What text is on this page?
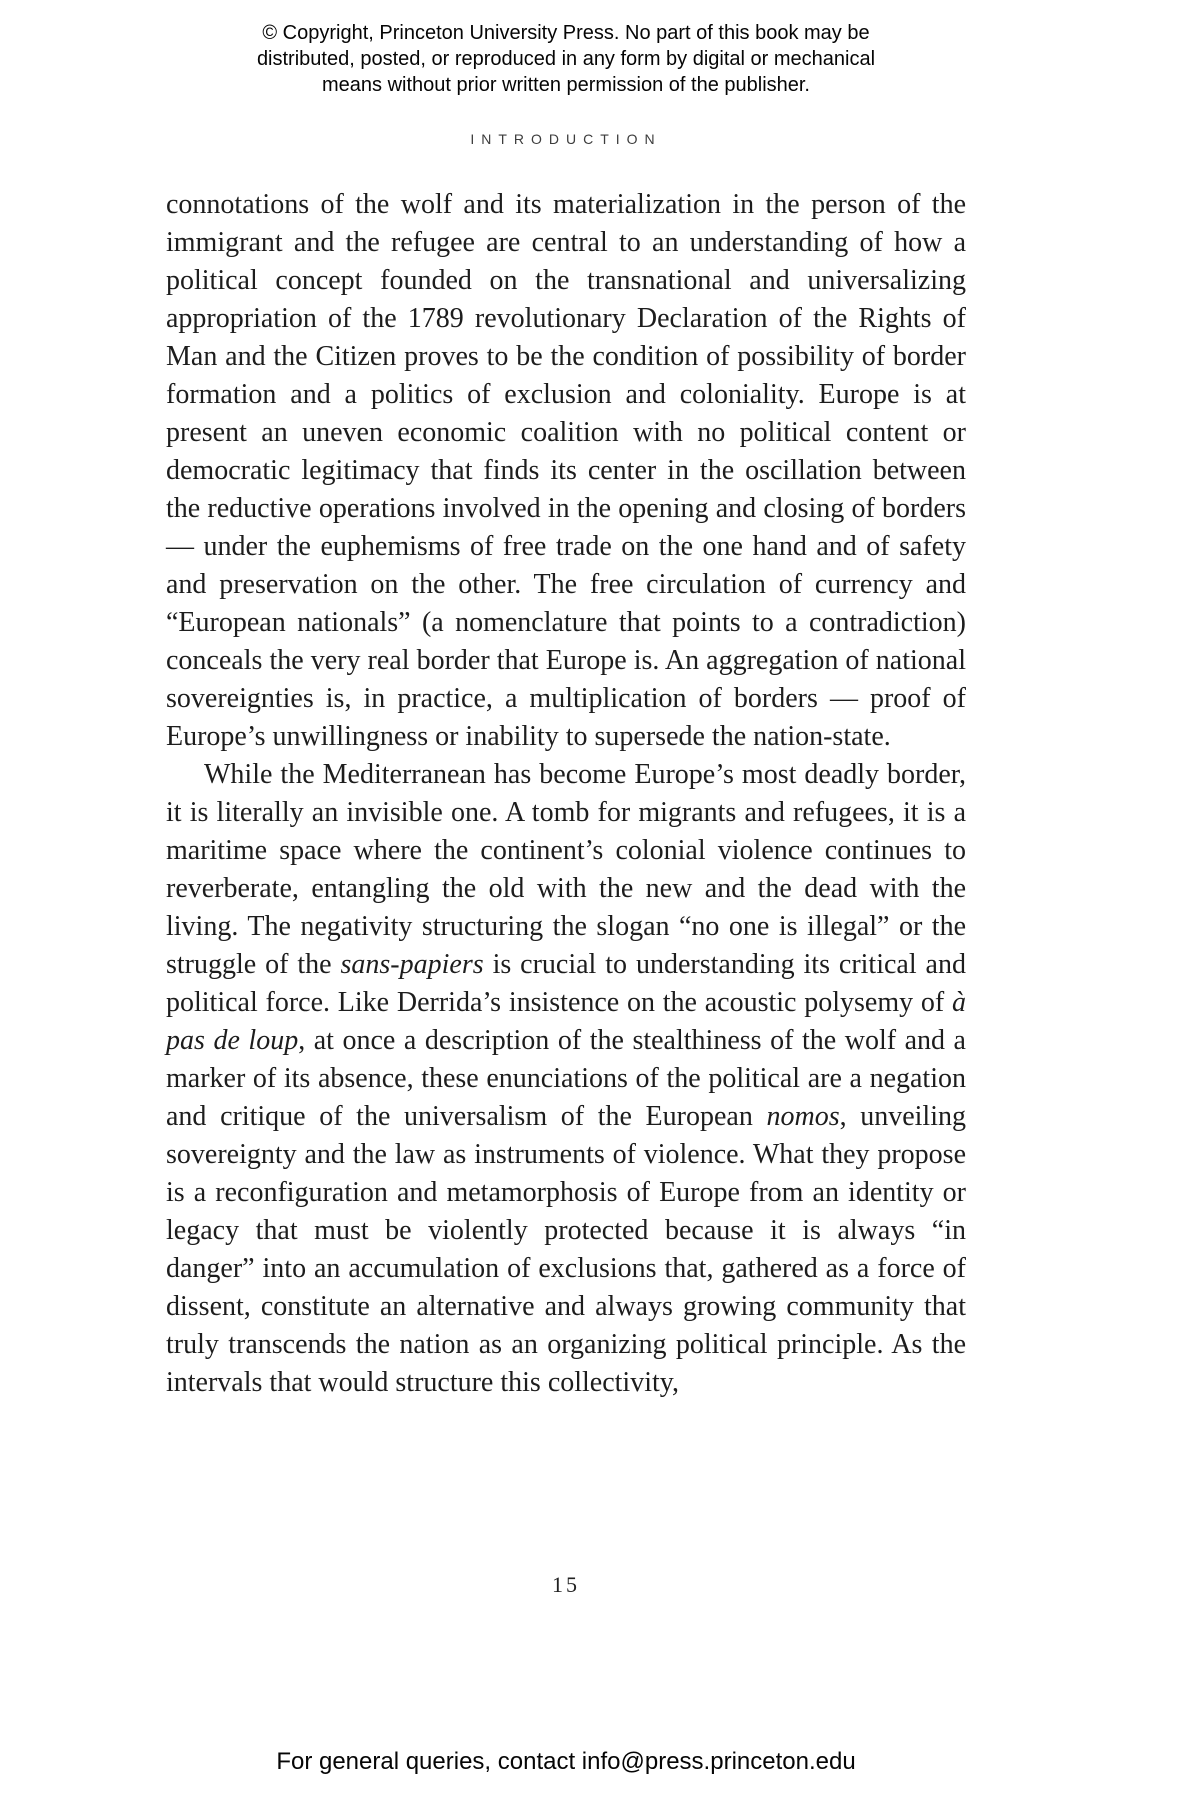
© Copyright, Princeton University Press. No part of this book may be
distributed, posted, or reproduced in any form by digital or mechanical
means without prior written permission of the publisher.
INTRODUCTION

connotations of the wolf and its materialization in the person of the immigrant and the refugee are central to an understanding of how a political concept founded on the transnational and universalizing appropriation of the 1789 revolutionary Declaration of the Rights of Man and the Citizen proves to be the condition of possibility of border formation and a politics of exclusion and coloniality. Europe is at present an uneven economic coalition with no political content or democratic legitimacy that finds its center in the oscillation between the reductive operations involved in the opening and closing of borders — under the euphemisms of free trade on the one hand and of safety and preservation on the other. The free circulation of currency and “European nationals” (a nomenclature that points to a contradiction) conceals the very real border that Europe is. An aggregation of national sovereignties is, in practice, a multiplication of borders — proof of Europe’s unwillingness or inability to supersede the nation-state.

While the Mediterranean has become Europe’s most deadly border, it is literally an invisible one. A tomb for migrants and refugees, it is a maritime space where the continent’s colonial violence continues to reverberate, entangling the old with the new and the dead with the living. The negativity structuring the slogan “no one is illegal” or the struggle of the sans-papiers is crucial to understanding its critical and political force. Like Derrida’s insistence on the acoustic polysemy of à pas de loup, at once a description of the stealthiness of the wolf and a marker of its absence, these enunciations of the political are a negation and critique of the universalism of the European nomos, unveiling sovereignty and the law as instruments of violence. What they propose is a reconfiguration and metamorphosis of Europe from an identity or legacy that must be violently protected because it is always “in danger” into an accumulation of exclusions that, gathered as a force of dissent, constitute an alternative and always growing community that truly transcends the nation as an organizing political principle. As the intervals that would structure this collectivity,

15
For general queries, contact info@press.princeton.edu
